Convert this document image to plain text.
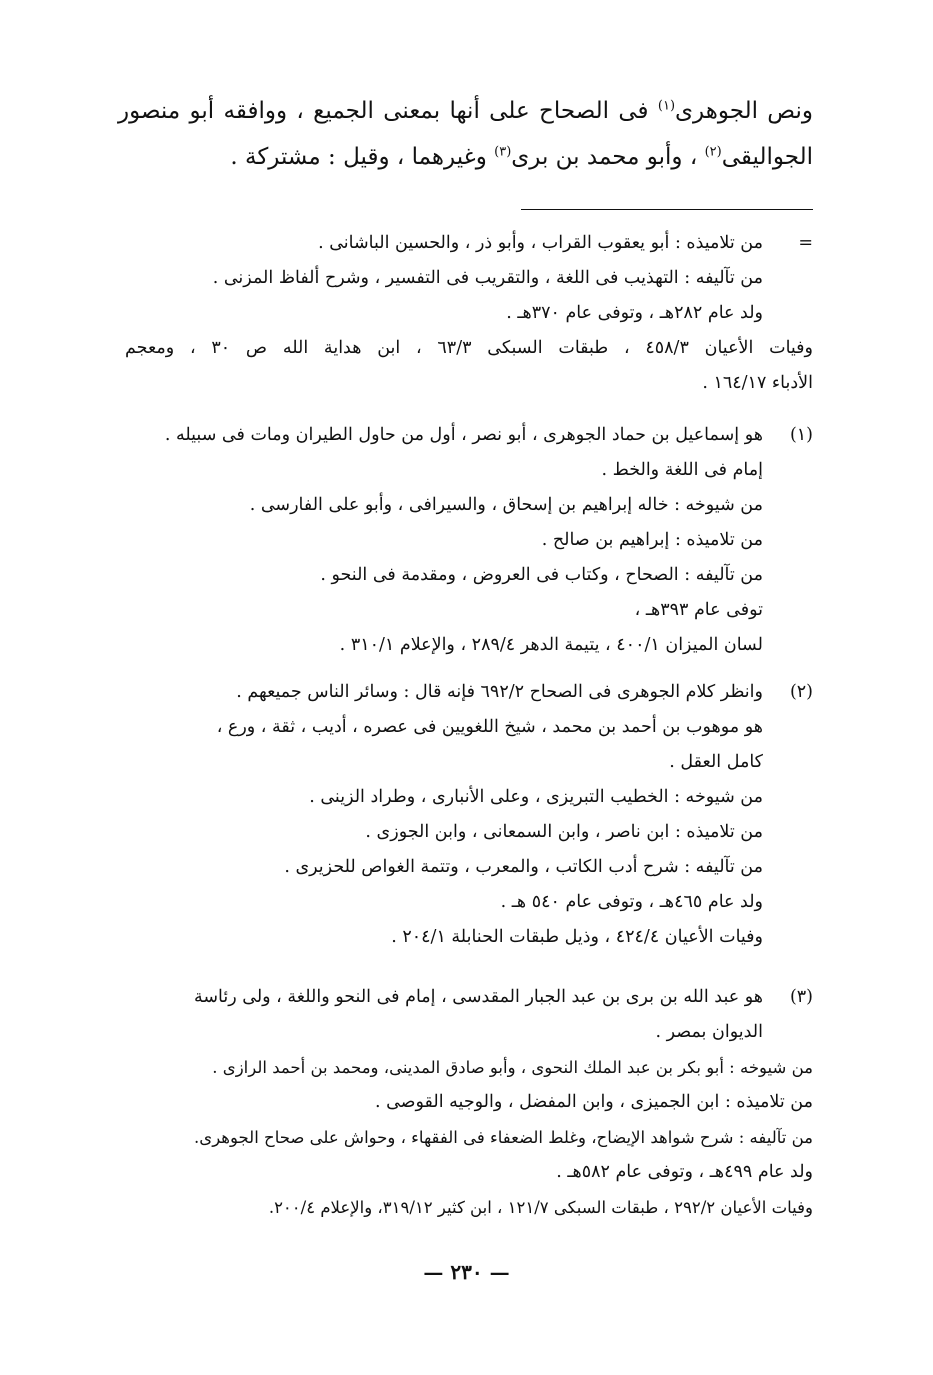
ونص الجوهرى$^{(١)}$ فى الصحاح على أنها بمعنى الجميع ، ووافقه أبو منصور

الجواليقى$^{(٢)}$ ، وأبو محمد بن برى$^{(٣)}$ وغيرهما ، وقيل : مشتركة .

=

من تلاميذه : أبو يعقوب القراب ، وأبو ذر ، والحسين الباشانى .

من تآليفه : التهذيب فى اللغة ، والتقريب فى التفسير ، وشرح ألفاظ المزنى .

ولد عام ٢٨٢هـ ، وتوفى عام ٣٧٠هـ .

وفيات الأعيان ٤٥٨/٣ ، طبقات السبكى ٦٣/٣ ، ابن هداية الله ص ٣٠ ، ومعجم

الأدباء ١٦٤/١٧ .

(١)

هو إسماعيل بن حماد الجوهرى ، أبو نصر ، أول من حاول الطيران ومات فى سبيله .

إمام فى اللغة والخط .

من شيوخه : خاله إبراهيم بن إسحاق ، والسيرافى ، وأبو على الفارسى .

من تلاميذه : إبراهيم بن صالح .

من تآليفه : الصحاح ، وكتاب فى العروض ، ومقدمة فى النحو .

توفى عام ٣٩٣هـ ،

لسان الميزان ٤٠٠/١ ، يتيمة الدهر ٢٨٩/٤ ، والإعلام ٣١٠/١ .

(٢)

وانظر كلام الجوهرى فى الصحاح ٦٩٢/٢ فإنه قال : وسائر الناس جميعهم .

هو موهوب بن أحمد بن محمد ، شيخ اللغويين فى عصره ، أديب ، ثقة ، ورع ،

كامل العقل .

من شيوخه : الخطيب التبريزى ، وعلى الأنبارى ، وطراد الزينى .

من تلاميذه : ابن ناصر ، وابن السمعانى ، وابن الجوزى .

من تآليفه : شرح أدب الكاتب ، والمعرب ، وتتمة الغواص للحزيرى .

ولد عام ٤٦٥هـ ، وتوفى عام ٥٤٠ هـ .

وفيات الأعيان ٤٢٤/٤ ، وذيل طبقات الحنابلة ٢٠٤/١ .

(٣)

هو عبد الله بن برى بن عبد الجبار المقدسى ، إمام فى النحو واللغة ، ولى رئاسة

الديوان بمصر .

من شيوخه : أبو بكر بن عبد الملك النحوى ، وأبو صادق المدينى، ومحمد بن أحمد الرازى .

من تلاميذه : ابن الجميزى ، وابن المفضل ، والوجيه القوصى .

من تآليفه : شرح شواهد الإيضاح، وغلط الضعفاء فى الفقهاء ، وحواش على صحاح الجوهرى.

ولد عام ٤٩٩هـ ، وتوفى عام ٥٨٢هـ .

وفيات الأعيان ٢٩٢/٢ ، طبقات السبكى ١٢١/٧ ، ابن كثير ٣١٩/١٢، والإعلام ٢٠٠/٤.

— ٢٣٠ —
